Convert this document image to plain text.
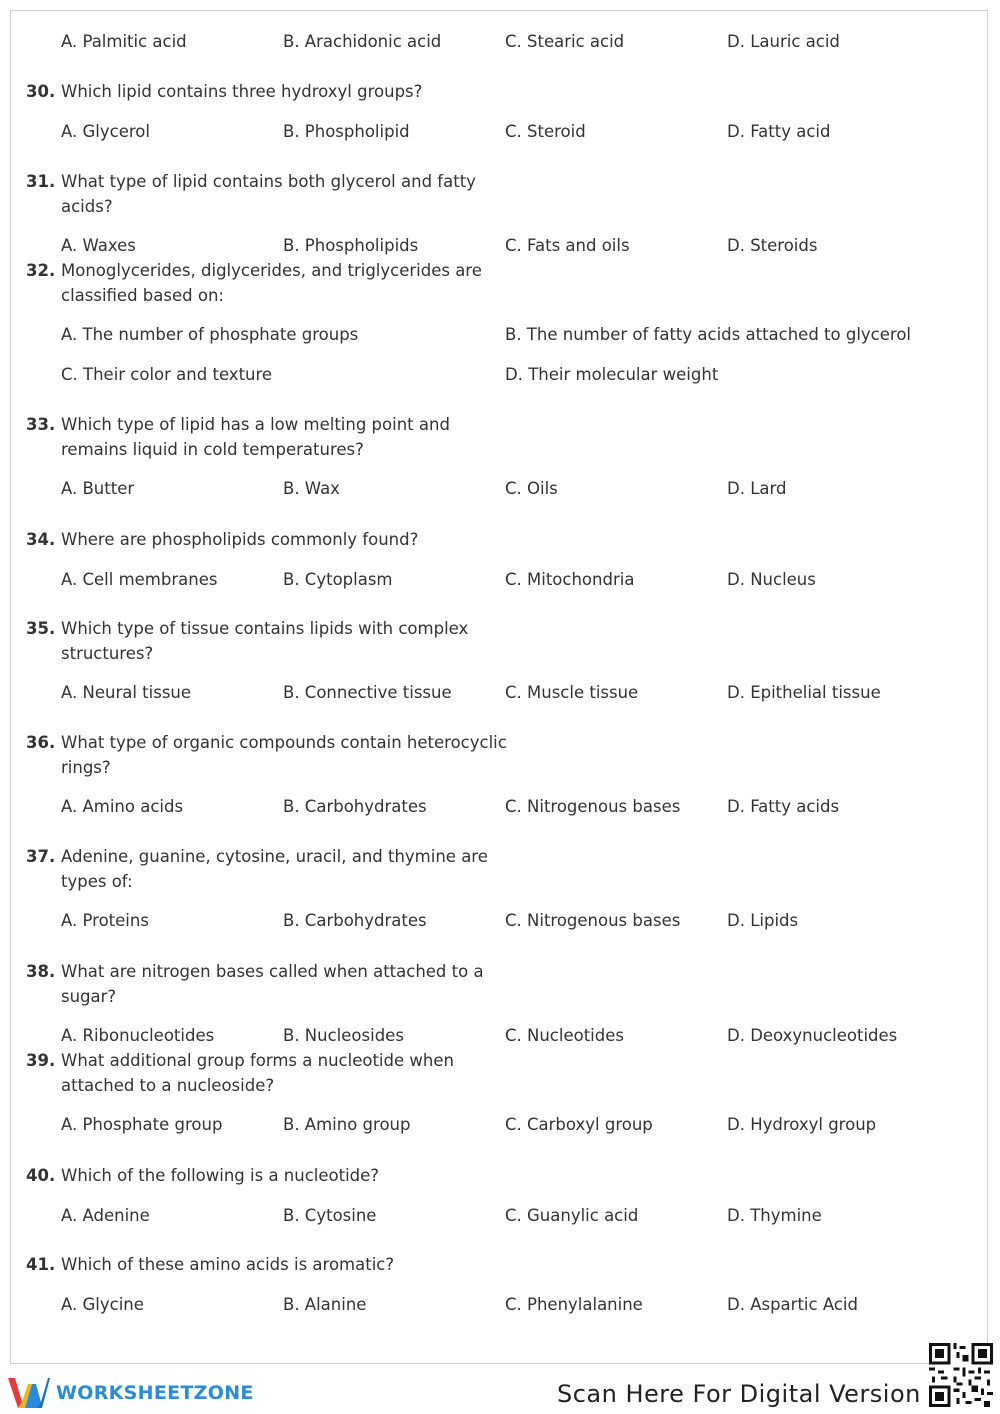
A. Palmitic acid	B. Arachidonic acid	C. Stearic acid	D. Lauric acid
30. Which lipid contains three hydroxyl groups?
A. Glycerol	B. Phospholipid	C. Steroid	D. Fatty acid
31. What type of lipid contains both glycerol and fatty acids?
A. Waxes	B. Phospholipids	C. Fats and oils	D. Steroids
32. Monoglycerides, diglycerides, and triglycerides are classified based on:
A. The number of phosphate groups	B. The number of fatty acids attached to glycerol
C. Their color and texture	D. Their molecular weight
33. Which type of lipid has a low melting point and remains liquid in cold temperatures?
A. Butter	B. Wax	C. Oils	D. Lard
34. Where are phospholipids commonly found?
A. Cell membranes	B. Cytoplasm	C. Mitochondria	D. Nucleus
35. Which type of tissue contains lipids with complex structures?
A. Neural tissue	B. Connective tissue	C. Muscle tissue	D. Epithelial tissue
36. What type of organic compounds contain heterocyclic rings?
A. Amino acids	B. Carbohydrates	C. Nitrogenous bases	D. Fatty acids
37. Adenine, guanine, cytosine, uracil, and thymine are types of:
A. Proteins	B. Carbohydrates	C. Nitrogenous bases	D. Lipids
38. What are nitrogen bases called when attached to a sugar?
A. Ribonucleotides	B. Nucleosides	C. Nucleotides	D. Deoxynucleotides
39. What additional group forms a nucleotide when attached to a nucleoside?
A. Phosphate group	B. Amino group	C. Carboxyl group	D. Hydroxyl group
40. Which of the following is a nucleotide?
A. Adenine	B. Cytosine	C. Guanylic acid	D. Thymine
41. Which of these amino acids is aromatic?
A. Glycine	B. Alanine	C. Phenylalanine	D. Aspartic Acid
WORKSHEETZONE	Scan Here For Digital Version
